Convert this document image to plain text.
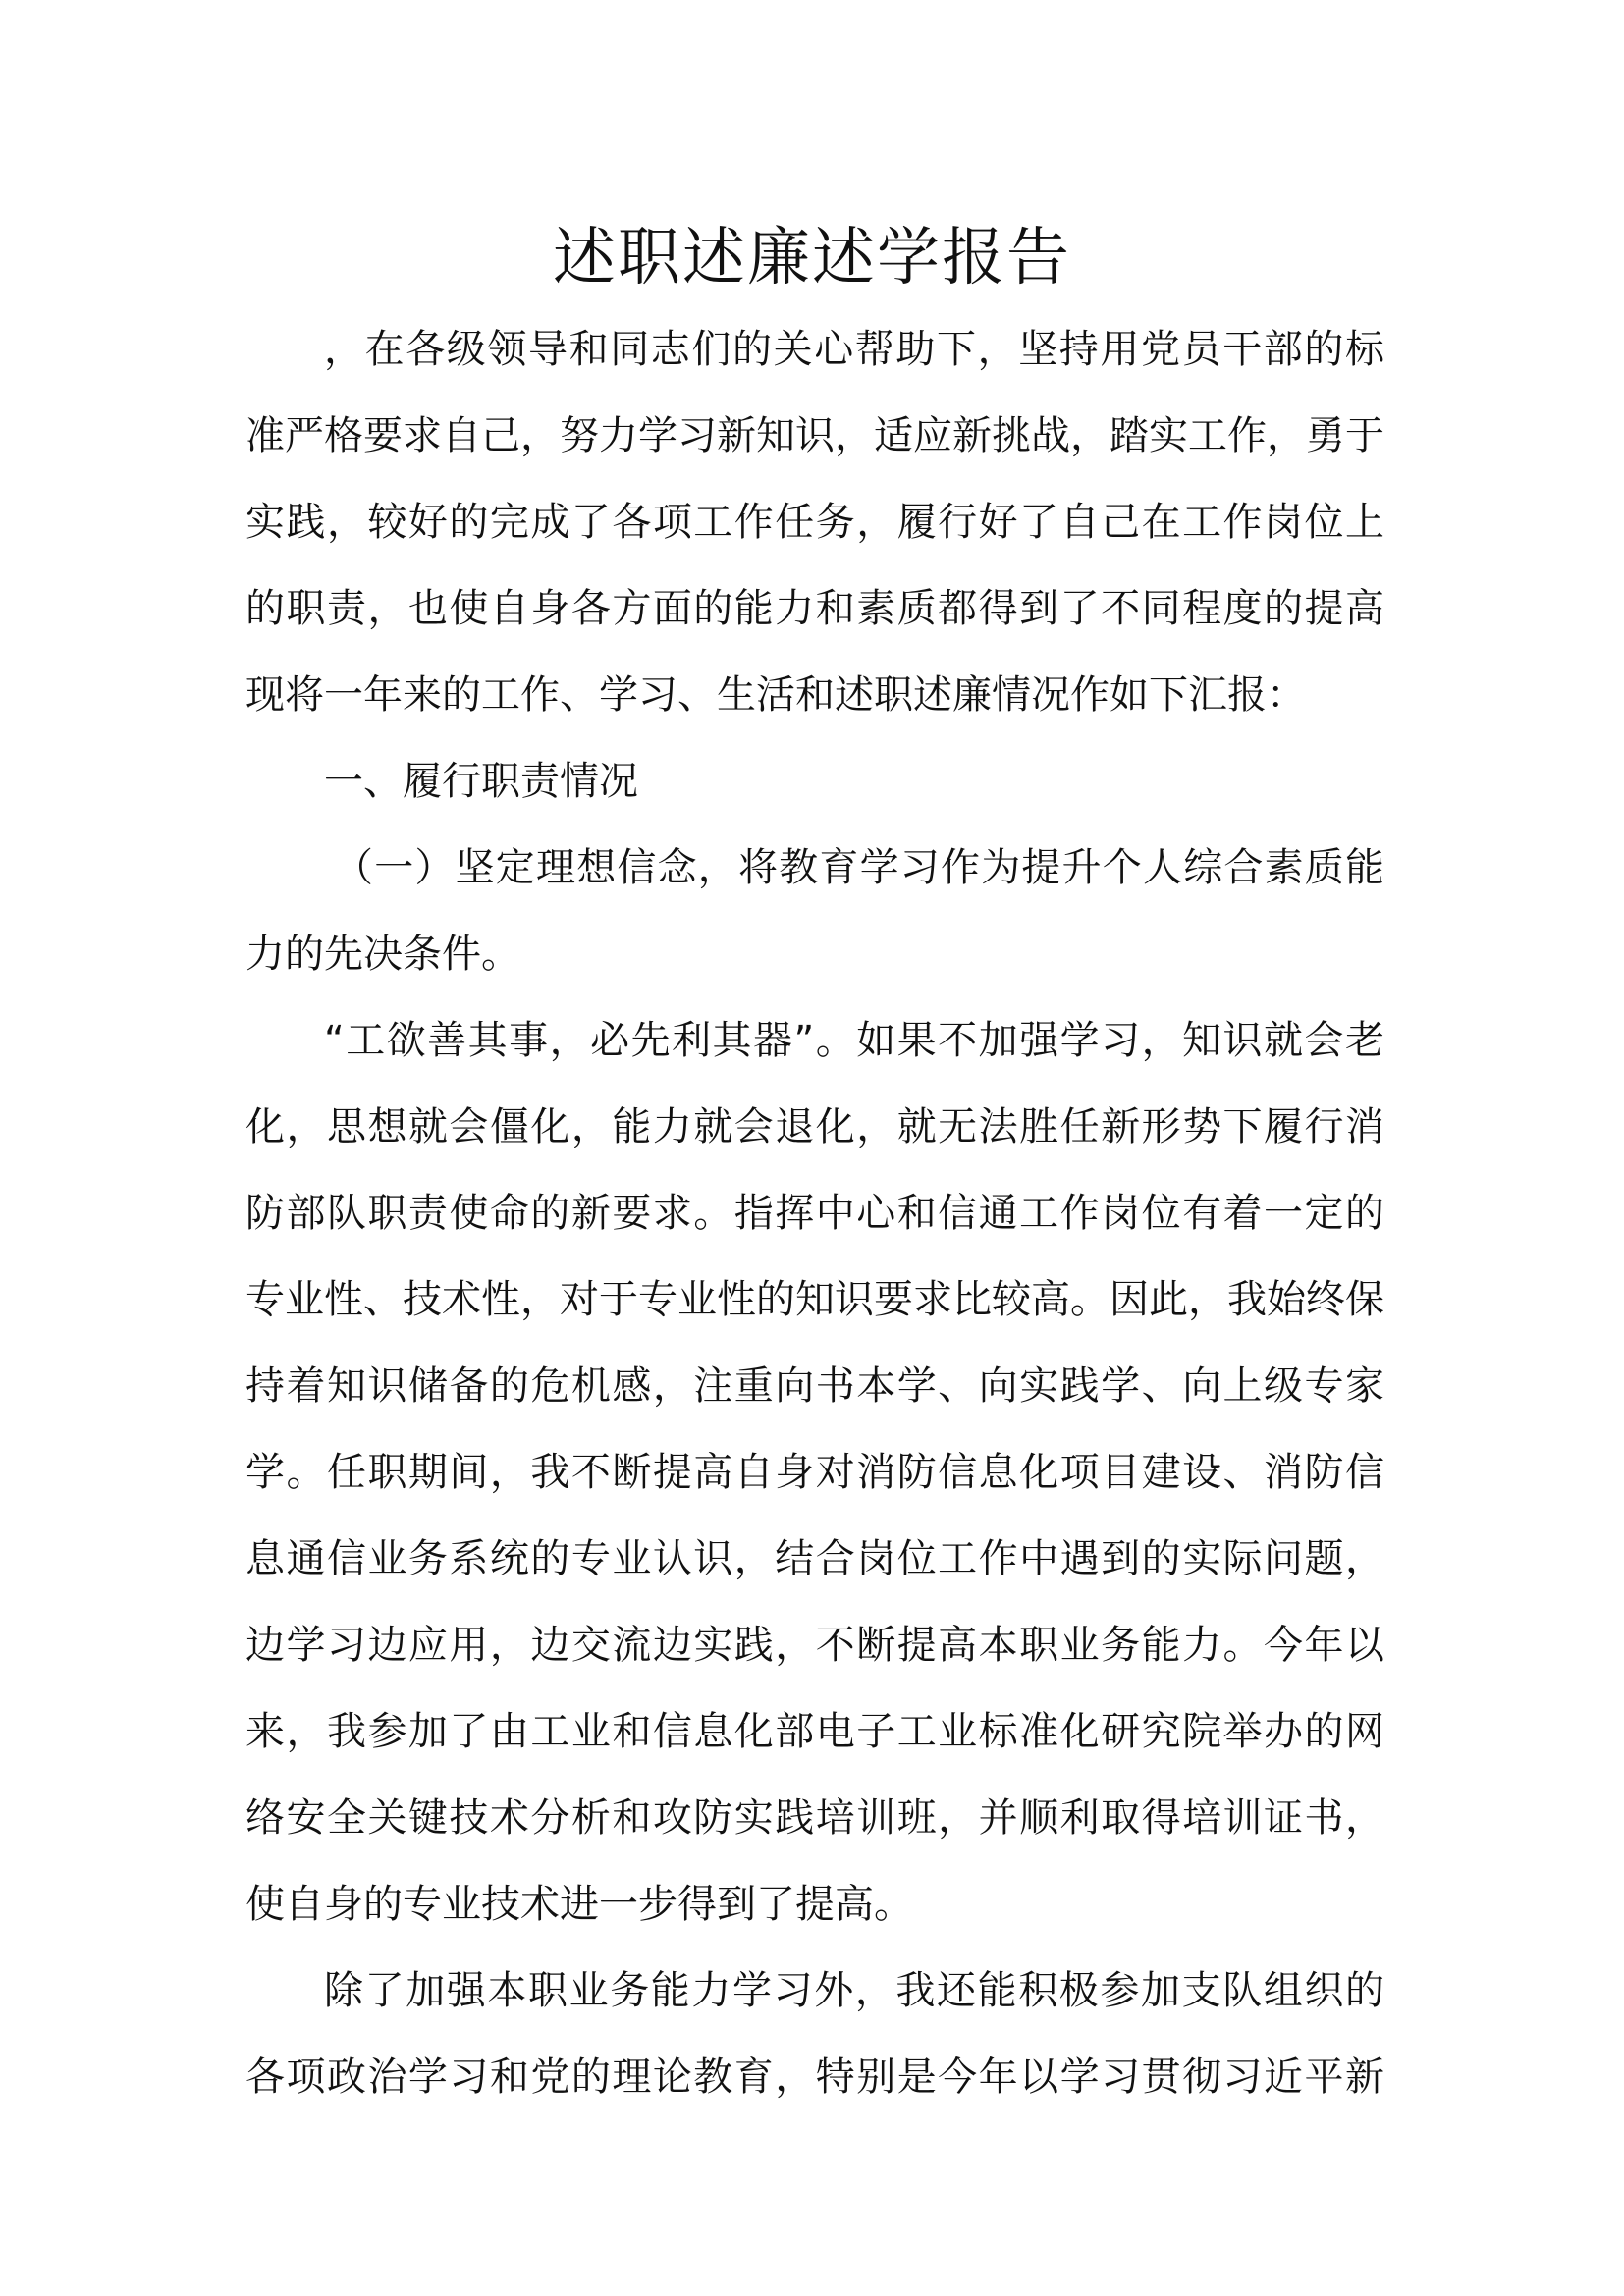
述职述廉述学报告
，在各级领导和同志们的关心帮助下，坚持用党员干部的标
准严格要求自己，努力学习新知识，适应新挑战，踏实工作，勇于
实践，较好的完成了各项工作任务，履行好了自己在工作岗位上
的职责，也使自身各方面的能力和素质都得到了不同程度的提高
现将一年来的工作、学习、生活和述职述廉情况作如下汇报：
一、履行职责情况
（一）坚定理想信念，将教育学习作为提升个人综合素质能
力的先决条件。
“工欲善其事，必先利其器”。如果不加强学习，知识就会老
化，思想就会僵化，能力就会退化，就无法胜任新形势下履行消
防部队职责使命的新要求。指挥中心和信通工作岗位有着一定的
专业性、技术性，对于专业性的知识要求比较高。因此，我始终保
持着知识储备的危机感，注重向书本学、向实践学、向上级专家
学。任职期间，我不断提高自身对消防信息化项目建设、消防信
息通信业务系统的专业认识，结合岗位工作中遇到的实际问题，
边学习边应用，边交流边实践，不断提高本职业务能力。今年以
来，我参加了由工业和信息化部电子工业标准化研究院举办的网
络安全关键技术分析和攻防实践培训班，并顺利取得培训证书，
使自身的专业技术进一步得到了提高。
除了加强本职业务能力学习外，我还能积极参加支队组织的
各项政治学习和党的理论教育，特别是今年以学习贯彻习近平新
